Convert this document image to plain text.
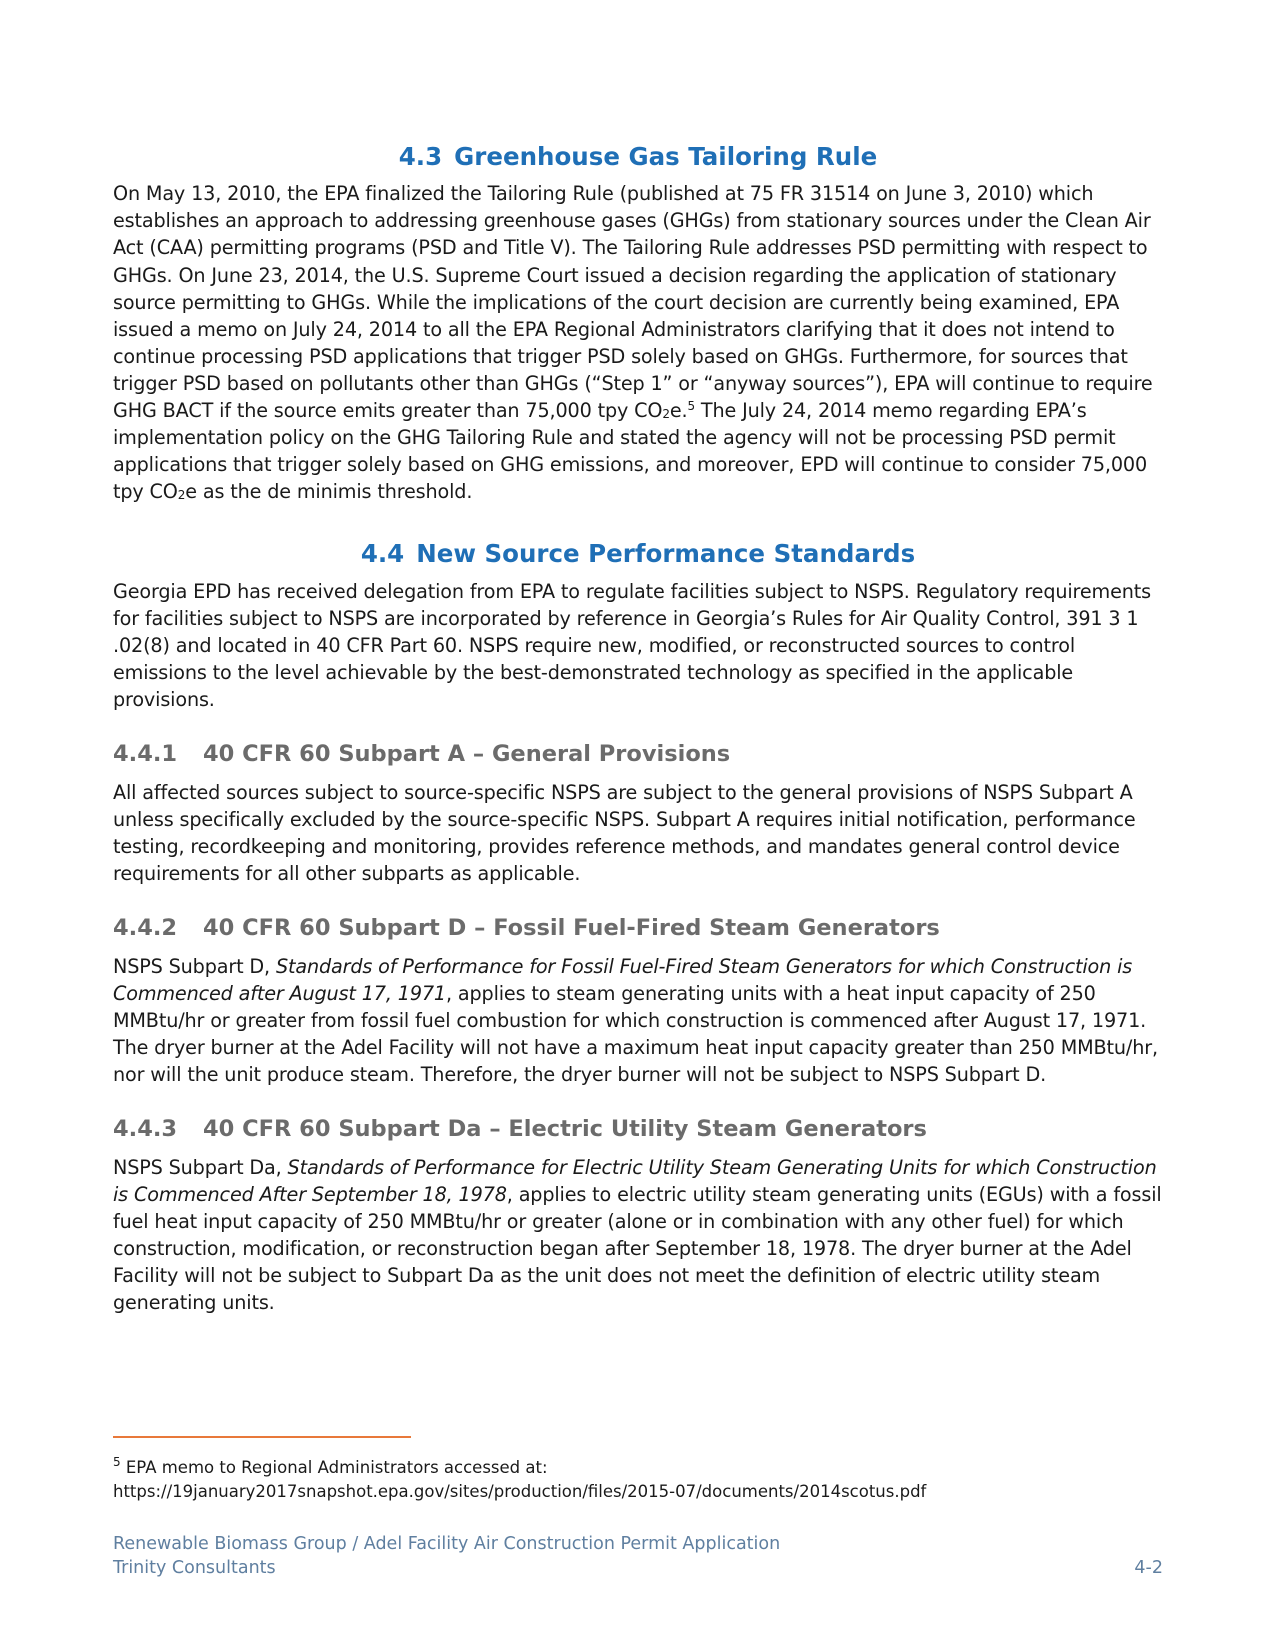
4.3 Greenhouse Gas Tailoring Rule

On May 13, 2010, the EPA finalized the Tailoring Rule (published at 75 FR 31514 on June 3, 2010) which establishes an approach to addressing greenhouse gases (GHGs) from stationary sources under the Clean Air Act (CAA) permitting programs (PSD and Title V). The Tailoring Rule addresses PSD permitting with respect to GHGs. On June 23, 2014, the U.S. Supreme Court issued a decision regarding the application of stationary source permitting to GHGs. While the implications of the court decision are currently being examined, EPA issued a memo on July 24, 2014 to all the EPA Regional Administrators clarifying that it does not intend to continue processing PSD applications that trigger PSD solely based on GHGs. Furthermore, for sources that trigger PSD based on pollutants other than GHGs (“Step 1” or “anyway sources”), EPA will continue to require GHG BACT if the source emits greater than 75,000 tpy $CO_2e.^5$ The July 24, 2014 memo regarding EPA’s implementation policy on the GHG Tailoring Rule and stated the agency will not be processing PSD permit applications that trigger solely based on GHG emissions, and moreover, EPD will continue to consider 75,000 tpy $CO_2e$ as the de minimis threshold.

4.4 New Source Performance Standards

Georgia EPD has received delegation from EPA to regulate facilities subject to NSPS. Regulatory requirements for facilities subject to NSPS are incorporated by reference in Georgia’s Rules for Air Quality Control, 391 3 1 .02(8) and located in 40 CFR Part 60. NSPS require new, modified, or reconstructed sources to control emissions to the level achievable by the best-demonstrated technology as specified in the applicable provisions.

4.4.1 40 CFR 60 Subpart A – General Provisions

All affected sources subject to source-specific NSPS are subject to the general provisions of NSPS Subpart A unless specifically excluded by the source-specific NSPS. Subpart A requires initial notification, performance testing, recordkeeping and monitoring, provides reference methods, and mandates general control device requirements for all other subparts as applicable.

4.4.2 40 CFR 60 Subpart D – Fossil Fuel-Fired Steam Generators

NSPS Subpart D, Standards of Performance for Fossil Fuel-Fired Steam Generators for which Construction is Commenced after August 17, 1971, applies to steam generating units with a heat input capacity of 250 MMBtu/hr or greater from fossil fuel combustion for which construction is commenced after August 17, 1971. The dryer burner at the Adel Facility will not have a maximum heat input capacity greater than 250 MMBtu/hr, nor will the unit produce steam. Therefore, the dryer burner will not be subject to NSPS Subpart D.

4.4.3 40 CFR 60 Subpart Da – Electric Utility Steam Generators

NSPS Subpart Da, Standards of Performance for Electric Utility Steam Generating Units for which Construction is Commenced After September 18, 1978, applies to electric utility steam generating units (EGUs) with a fossil fuel heat input capacity of 250 MMBtu/hr or greater (alone or in combination with any other fuel) for which construction, modification, or reconstruction began after September 18, 1978. The dryer burner at the Adel Facility will not be subject to Subpart Da as the unit does not meet the definition of electric utility steam generating units.

$^5$ EPA memo to Regional Administrators accessed at:
https://19january2017snapshot.epa.gov/sites/production/files/2015-07/documents/2014scotus.pdf
Renewable Biomass Group / Adel Facility Air Construction Permit Application
Trinity Consultants	4-2
